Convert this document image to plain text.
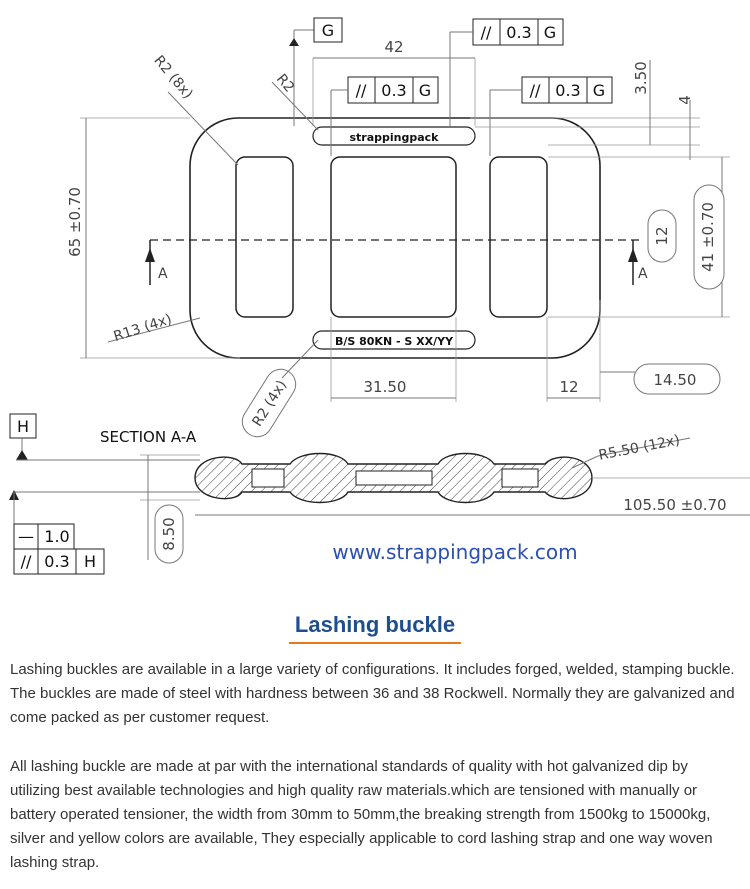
strappingpack
B/S 80KN - S XX/YY
A	A
G	// 0.3 G
42
// 0.3 G	// 0.3 G 3.50
4
41 ±0.70
12
65 ±0.70
R2 (8x)	R2
R13 (4x)
R2 (4x)	31.50	12	14.50
SECTION A-A
H
8.50
— 1.0
// 0.3 H
R5.50 (12x)
105.50 ±0.70
www.strappingpack.com
Lashing buckle

Lashing buckles are available in a large variety of configurations. It includes forged, welded, stamping buckle. The buckles are made of steel with hardness between 36 and 38 Rockwell. Normally they are galvanized and come packed as per customer request.

All lashing buckle are made at par with the international standards of quality with hot galvanized dip by utilizing best available technologies and high quality raw materials.which are tensioned with manually or battery operated tensioner, the width from 30mm to 50mm,the breaking strength from 1500kg to 15000kg, silver and yellow colors are available, They especially applicable to cord lashing strap and one way woven lashing strap.
